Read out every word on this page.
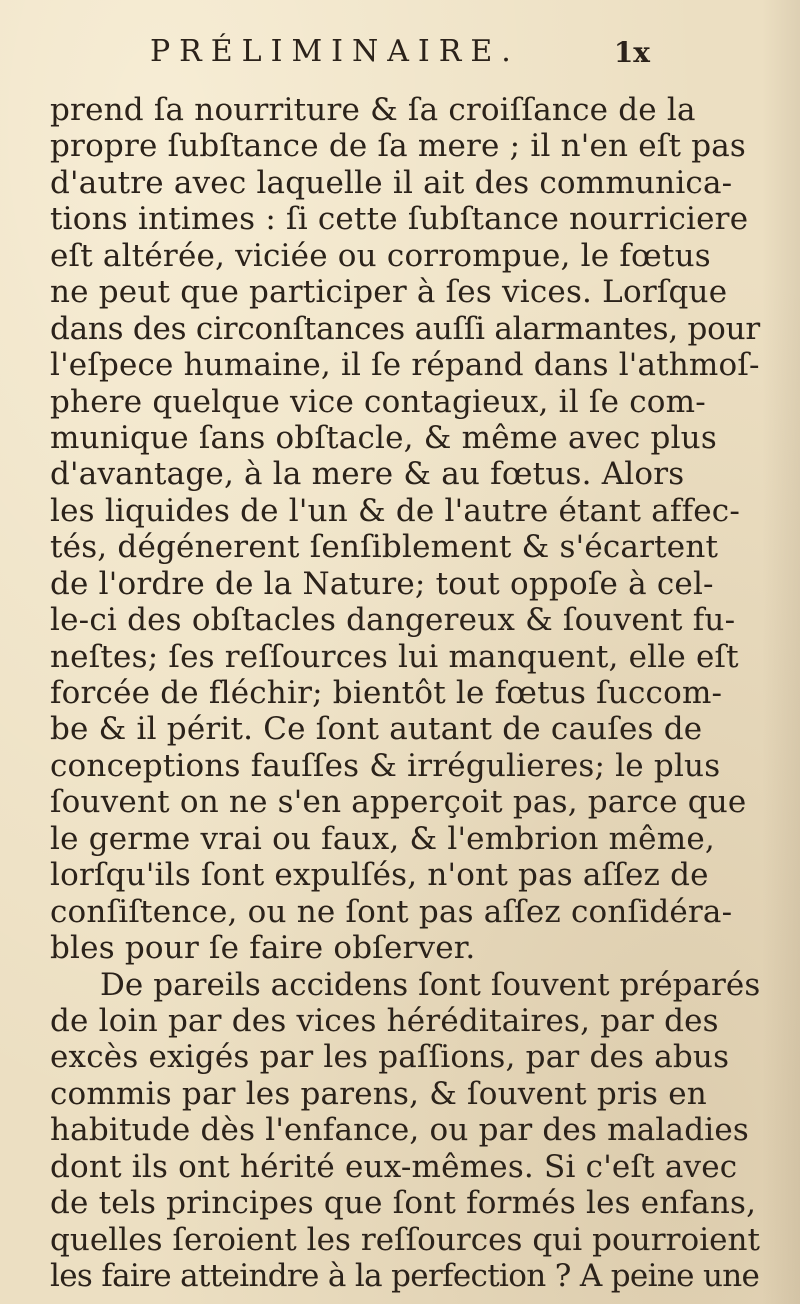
PRÉLIMINAIRE.	1x
prend ſa nourriture & ſa croiſſance de la
propre ſubſtance de ſa mere ; il n'en eſt pas
d'autre avec laquelle il ait des communica-
tions intimes : ſi cette ſubſtance nourriciere
eſt altérée, viciée ou corrompue, le fœtus
ne peut que participer à ſes vices. Lorſque
dans des circonſtances auſſi alarmantes, pour
l'eſpece humaine, il ſe répand dans l'athmoſ-
phere quelque vice contagieux, il ſe com-
munique ſans obſtacle, & même avec plus
d'avantage, à la mere & au fœtus. Alors
les liquides de l'un & de l'autre étant affec-
tés, dégénerent ſenſiblement & s'écartent
de l'ordre de la Nature; tout oppoſe à cel-
le-ci des obſtacles dangereux & ſouvent fu-
neſtes; ſes reſſources lui manquent, elle eſt
forcée de fléchir; bientôt le fœtus ſuccom-
be & il périt. Ce ſont autant de cauſes de
conceptions fauſſes & irrégulieres; le plus
ſouvent on ne s'en apperçoit pas, parce que
le germe vrai ou faux, & l'embrion même,
lorſqu'ils ſont expulſés, n'ont pas aſſez de
conſiſtence, ou ne ſont pas aſſez conſidéra-
bles pour ſe faire obſerver.
De pareils accidens ſont ſouvent préparés
de loin par des vices héréditaires, par des
excès exigés par les paſſions, par des abus
commis par les parens, & ſouvent pris en
habitude dès l'enfance, ou par des maladies
dont ils ont hérité eux-mêmes. Si c'eſt avec
de tels principes que ſont formés les enfans,
quelles ſeroient les reſſources qui pourroient
les faire atteindre à la perfection ? A peine une
